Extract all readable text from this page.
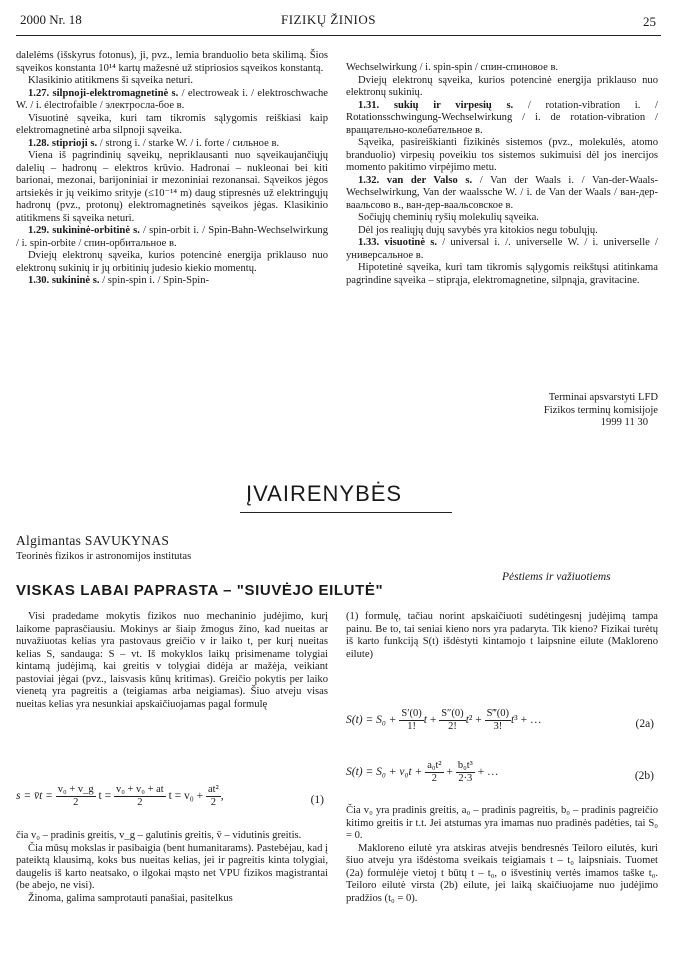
2000 Nr. 18	FIZIKŲ ŽINIOS	25

dalelėms (išskyrus fotonus), ji, pvz., lemia branduolio beta skilimą. Šios sąveikos konstanta 10¹⁴ kartų mažesnė už stipriosios sąveikos konstantą.

Klasikinio atitikmens ši sąveika neturi.

1.27. silpnoji-elektromagnetinė s. / electroweak i. / elektroschwache W. / i. électrofaible / электросла-бое в.

Visuotinė sąveika, kuri tam tikromis sąlygomis reiškiasi kaip elektromagnetinė arba silpnoji sąveika.

1.28. stiprioji s. / strong i. / starke W. / i. forte / сильное в.

Viena iš pagrindinių sąveikų, nepriklausanti nuo sąveikaujančiųjų dalelių – hadronų – elektros krūvio. Hadronai – nukleonai bei kiti barionai, mezonai, barijoniniai ir mezoniniai rezonansai. Sąveikos jėgos artsiekės ir jų veikimo srityje (≤10⁻¹⁴ m) daug stipresnės už elektringųjų hadronų (pvz., protonų) elektromagnetinės sąveikos jėgas. Klasikinio atitikmens ši sąveika neturi.

1.29. sukininė-orbitinė s. / spin-orbit i. / Spin-Bahn-Wechselwirkung / i. spin-orbite / спин-орбитальное в.

Dviejų elektronų sąveika, kurios potencinė energija priklauso nuo elektronų sukinių ir jų orbitinių judesio kiekio momentų.

1.30. sukininė s. / spin-spin i. / Spin-Spin-

Wechselwirkung / i. spin-spin / спин-спиновое в.

Dviejų elektronų sąveika, kurios potencinė energija priklauso nuo elektronų sukinių.

1.31. sukių ir virpesių s. / rotation-vibration i. / Rotationsschwingung-Wechselwirkung / i. de rotation-vibration / вращательно-колебательное в.

Sąveika, pasireiškianti fizikinės sistemos (pvz., molekulės, atomo branduolio) virpesių poveikiu tos sistemos sukimuisi dėl jos inercijos momento pakitimo virpėjimo metu.

1.32. van der Valso s. / Van der Waals i. / Van-der-Waals-Wechselwirkung, Van der waalssche W. / i. de Van der Waals / ван-дер-ваальсово в., ван-дер-ваальсовское в.

Sočiųjų cheminių ryšių molekulių sąveika.

Dėl jos realiųjų dujų savybės yra kitokios negu tobulųjų.

1.33. visuotinė s. / universal i. /. universelle W. / i. universelle / универсальное в.

Hipotetinė sąveika, kuri tam tikromis sąlygomis reikštųsi atitinkama pagrindine sąveika – stiprąja, elektromagnetine, silpnąja, gravitacine.

Terminai apsvarstyti LFD
Fizikos terminų komisijoje
1999 11 30
ĮVAIRENYBĖS
Algimantas SAVUKYNAS
Teorinės fizikos ir astronomijos institutas
Pėstiems ir važiuotiems
VISKAS LABAI PAPRASTA – "SIUVĖJO EILUTĖ"

Visi pradedame mokytis fizikos nuo mechaninio judėjimo, kurį laikome paprasčiausiu. Mokinys ar šiaip žmogus žino, kad nueitas ar nuvažiuotas kelias yra pastovaus greičio v ir laiko t, per kurį nueitas kelias S, sandauga: S – vt. Iš mokyklos laikų prisimename tolygiai kintamą judėjimą, kai greitis v tolygiai didėja ar mažėja, veikiant pastoviai jėgai (pvz., laisvasis kūnų kritimas). Greičio pokytis per laiko vienetą yra pagreitis a (teigiamas arba neigiamas). Šiuo atveju visas nueitas kelias yra nesunkiai apskaičiuojamas pagal formulę

s = v̄t = $\frac{\text{v₀ + v\_g}}{2}$ $t = \frac{\text{v₀ + v₀ + at}}{2}$ $t = v_0 + \frac{\text{at²}}{2}$ ,	(1)

čia v₀ – pradinis greitis, v_g – galutinis greitis, v̄ – vidutinis greitis.

Čia mūsų mokslas ir pasibaigia (bent humanitarams). Pastebėjau, kad į pateiktą klausimą, koks bus nueitas kelias, jei ir pagreitis kinta tolygiai, daugelis iš karto neatsako, o ilgokai mąsto net VPU fizikos magistrantai (be abejo, ne visi).

Žinoma, galima samprotauti panašiai, pasitelkus

(1) formulę, tačiau norint apskaičiuoti sudėtingesnį judėjimą tampa painu. Be to, tai seniai kieno nors yra padaryta. Tik kieno? Fizikai turėtų iš karto funkciją S(t) išdėstyti kintamojo t laipsnine eilute (Makloreno eilute)

$S(t) = S_0 + \frac{S'(0)}{1!}$ $t + \frac{S''(0)}{2!} t^2 + \frac{S‴(0)}{3!} t^3$ + …	(2a)
$S(t) = S_0 + v_0t + \frac{\text{a₀t²}}{2} + \frac{\text{b₀t³}}{2\cdot 3}$ + …	(2b)

Čia v₀ yra pradinis greitis, a₀ – pradinis pagreitis, b₀ – pradinis pagreičio kitimo greitis ir t.t. Jei atstumas yra imamas nuo pradinės padėties, tai S₀ = 0.

Makloreno eilutė yra atskiras atvejis bendresnės Teiloro eilutės, kuri šiuo atveju yra išdėstoma sveikais teigiamais t – t₀ laipsniais. Tuomet (2a) formulėje vietoj t būtų t – t₀, o išvestinių vertės imamos taške t₀. Teiloro eilutė virsta (2b) eilute, jei laiką skaičiuojame nuo judėjimo pradžios (t₀ = 0).
